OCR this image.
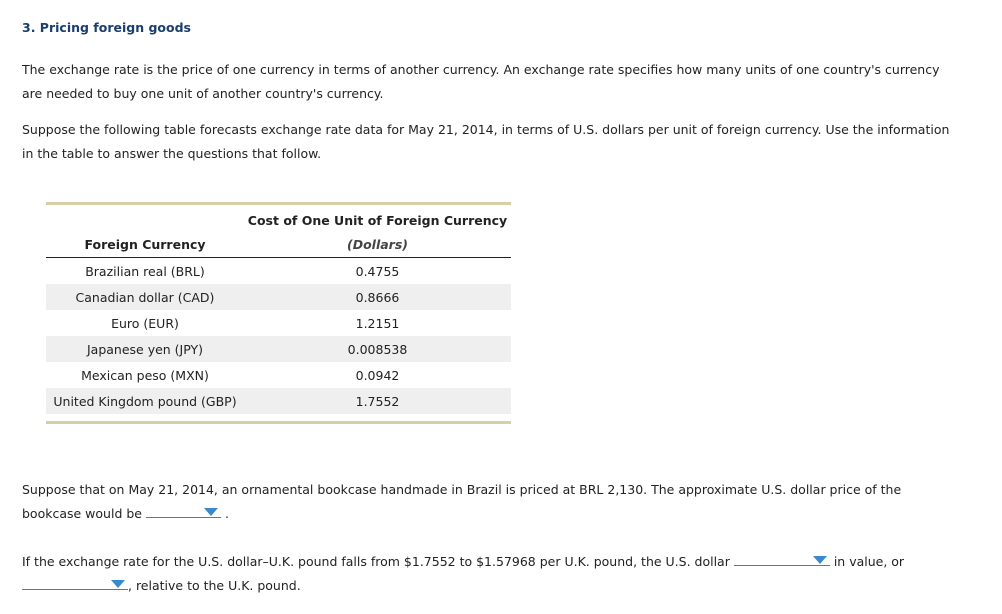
3. Pricing foreign goods

The exchange rate is the price of one currency in terms of another currency. An exchange rate specifies how many units of one country's currency are needed to buy one unit of another country's currency.

Suppose the following table forecasts exchange rate data for May 21, 2014, in terms of U.S. dollars per unit of foreign currency. Use the information in the table to answer the questions that follow.

Foreign Currency
Cost of One Unit of Foreign Currency
(Dollars)
Brazilian real (BRL)	0.4755
Canadian dollar (CAD)	0.8666
Euro (EUR)	1.2151
Japanese yen (JPY)	0.008538
Mexican peso (MXN)	0.0942
United Kingdom pound (GBP)	1.7552

Suppose that on May 21, 2014, an ornamental bookcase handmade in Brazil is priced at BRL 2,130. The approximate U.S. dollar price of the bookcase would be	.

If the exchange rate for the U.S. dollar–U.K. pound falls from $1.7552 to $1.57968 per U.K. pound, the U.S. dollar	in value, or
, relative to the U.K. pound.
